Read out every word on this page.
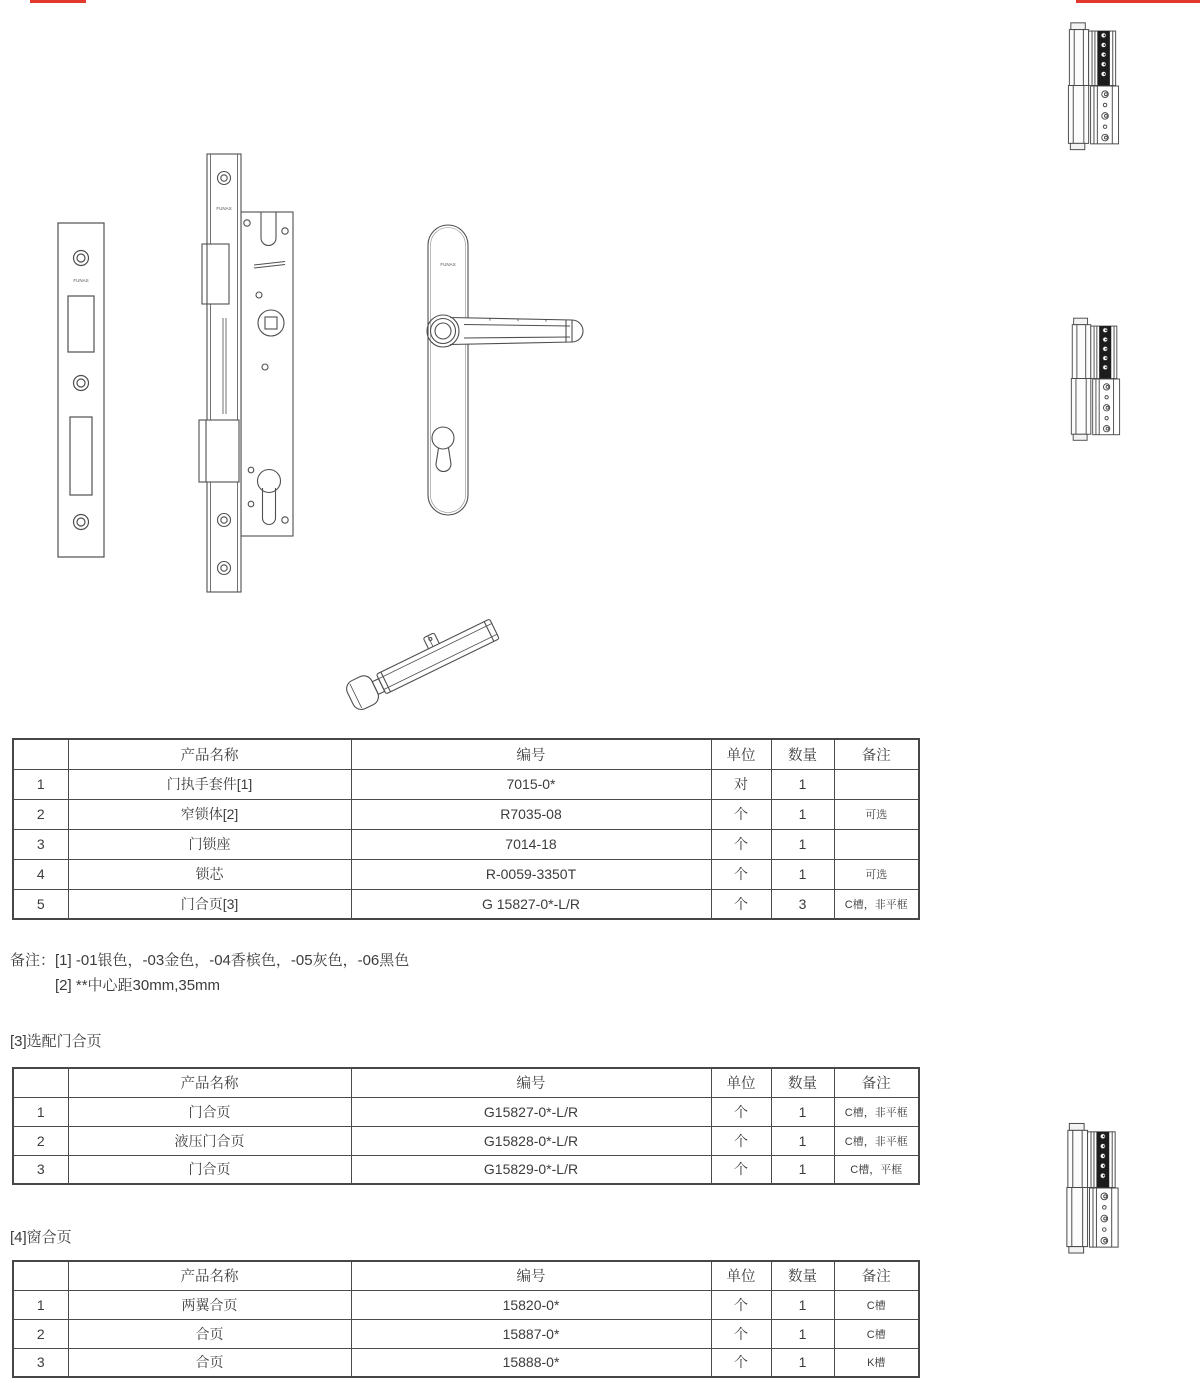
FUNAS
FUNAS
FUNAS
	产品名称	编号	单位	数量	备注
1	门执手套件[1]	7015-0*	对	1	
2	窄锁体[2]	R7035-08	个	1	可选
3	门锁座	7014-18	个	1	
4	锁芯	R-0059-3350T	个	1	可选
5	门合页[3]	G 15827-0*-L/R	个	3	C槽，非平框
备注： [1] -01银色，-03金色，-04香槟色，-05灰色，-06黑色
[2] **中心距30mm,35mm
[3]选配门合页
	产品名称	编号	单位	数量	备注
1	门合页	G15827-0*-L/R	个	1	C槽，非平框
2	液压门合页	G15828-0*-L/R	个	1	C槽，非平框
3	门合页	G15829-0*-L/R	个	1	C槽，平框
[4]窗合页
	产品名称	编号	单位	数量	备注
1	两翼合页	15820-0*	个	1	C槽
2	合页	15887-0*	个	1	C槽
3	合页	15888-0*	个	1	K槽
